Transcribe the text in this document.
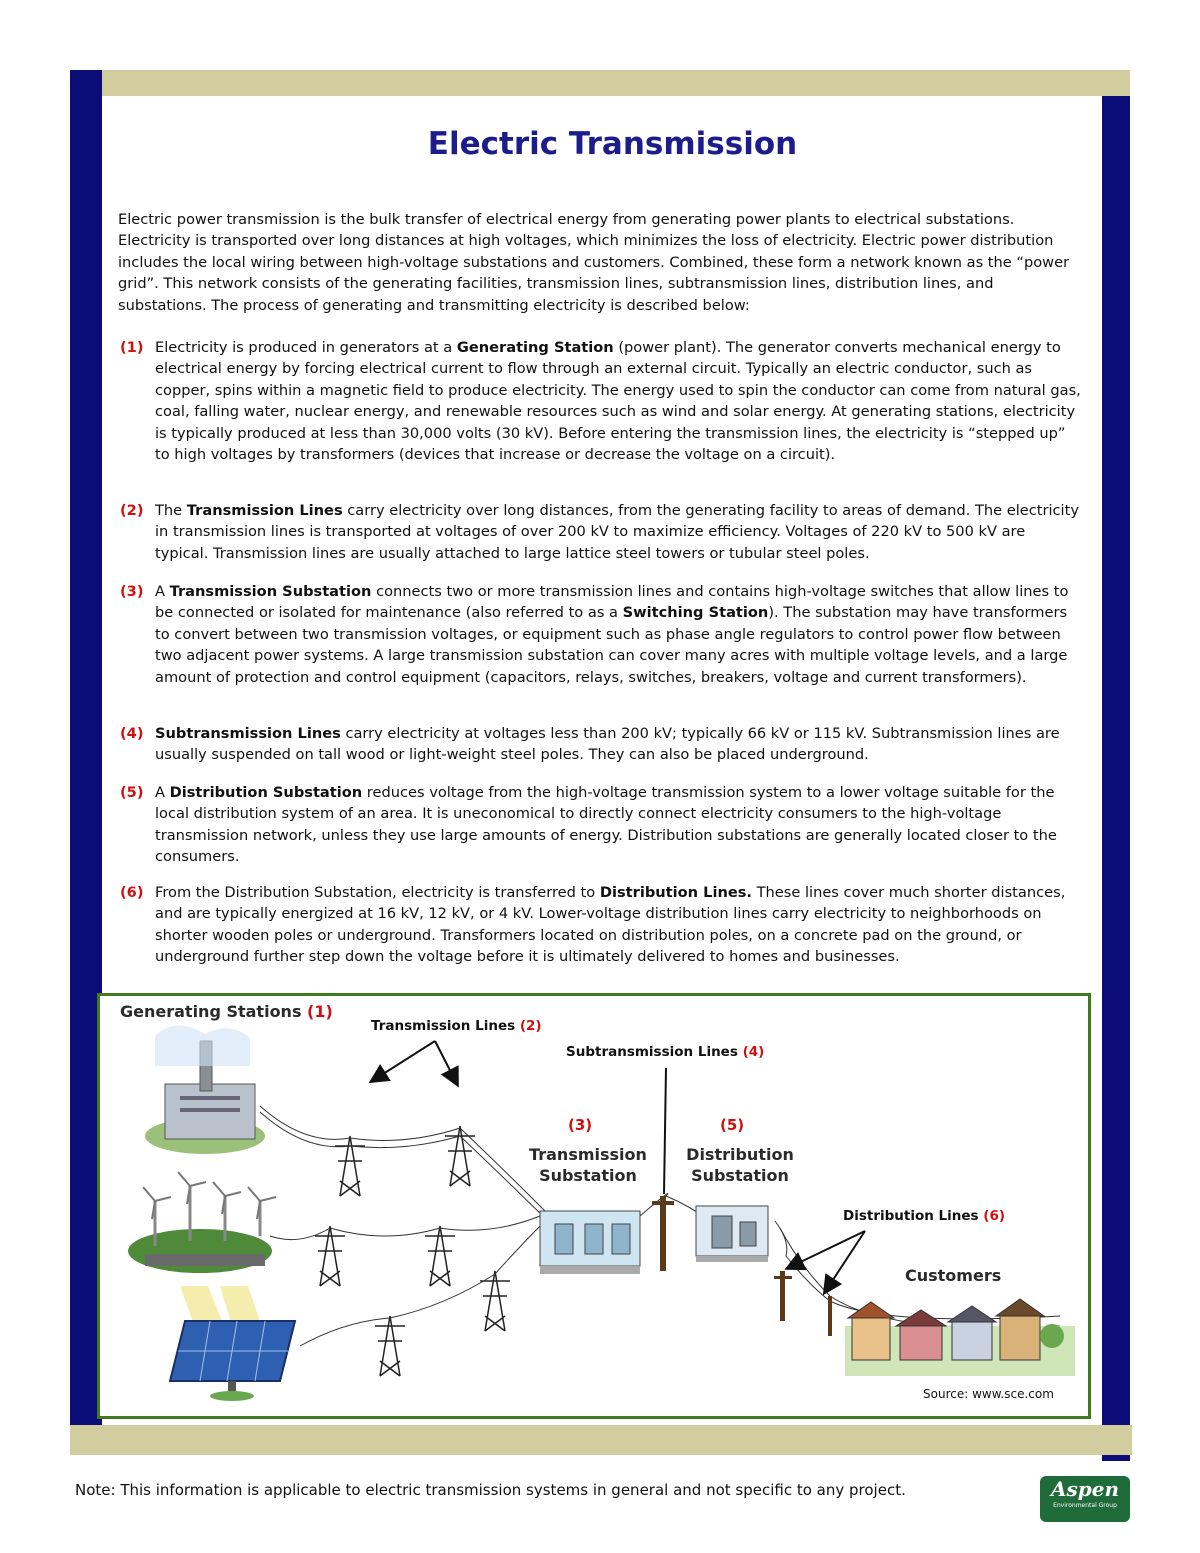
Electric Transmission
Electric power transmission is the bulk transfer of electrical energy from generating power plants to electrical substations. Electricity is transported over long distances at high voltages, which minimizes the loss of electricity. Electric power distribution includes the local wiring between high-voltage substations and customers. Combined, these form a network known as the “power grid”. This network consists of the generating facilities, transmission lines, subtransmission lines, distribution lines, and substations. The process of generating and transmitting electricity is described below:
(1) Electricity is produced in generators at a Generating Station (power plant). The generator converts mechanical energy to electrical energy by forcing electrical current to flow through an external circuit. Typically an electric conductor, such as copper, spins within a magnetic field to produce electricity. The energy used to spin the conductor can come from natural gas, coal, falling water, nuclear energy, and renewable resources such as wind and solar energy. At generating stations, electricity is typically produced at less than 30,000 volts (30 kV). Before entering the transmission lines, the electricity is “stepped up” to high voltages by transformers (devices that increase or decrease the voltage on a circuit).
(2) The Transmission Lines carry electricity over long distances, from the generating facility to areas of demand. The electricity in transmission lines is transported at voltages of over 200 kV to maximize efficiency. Voltages of 220 kV to 500 kV are typical. Transmission lines are usually attached to large lattice steel towers or tubular steel poles.
(3) A Transmission Substation connects two or more transmission lines and contains high-voltage switches that allow lines to be connected or isolated for maintenance (also referred to as a Switching Station). The substation may have transformers to convert between two transmission voltages, or equipment such as phase angle regulators to control power flow between two adjacent power systems. A large transmission substation can cover many acres with multiple voltage levels, and a large amount of protection and control equipment (capacitors, relays, switches, breakers, voltage and current transformers).
(4) Subtransmission Lines carry electricity at voltages less than 200 kV; typically 66 kV or 115 kV. Subtransmission lines are usually suspended on tall wood or light-weight steel poles. They can also be placed underground.
(5) A Distribution Substation reduces voltage from the high-voltage transmission system to a lower voltage suitable for the local distribution system of an area. It is uneconomical to directly connect electricity consumers to the high-voltage transmission network, unless they use large amounts of energy. Distribution substations are generally located closer to the consumers.
(6) From the Distribution Substation, electricity is transferred to Distribution Lines. These lines cover much shorter distances, and are typically energized at 16 kV, 12 kV, or 4 kV. Lower-voltage distribution lines carry electricity to neighborhoods on shorter wooden poles or underground. Transformers located on distribution poles, on a concrete pad on the ground, or underground further step down the voltage before it is ultimately delivered to homes and businesses.
Generating Stations (1)
Transmission Lines (2)
Subtransmission Lines (4)
(3)
Transmission
Substation
(5)
Distribution
Substation
Distribution Lines (6)
Customers
Source: www.sce.com
Note: This information is applicable to electric transmission systems in general and not specific to any project.	Aspen
Environmental Group
